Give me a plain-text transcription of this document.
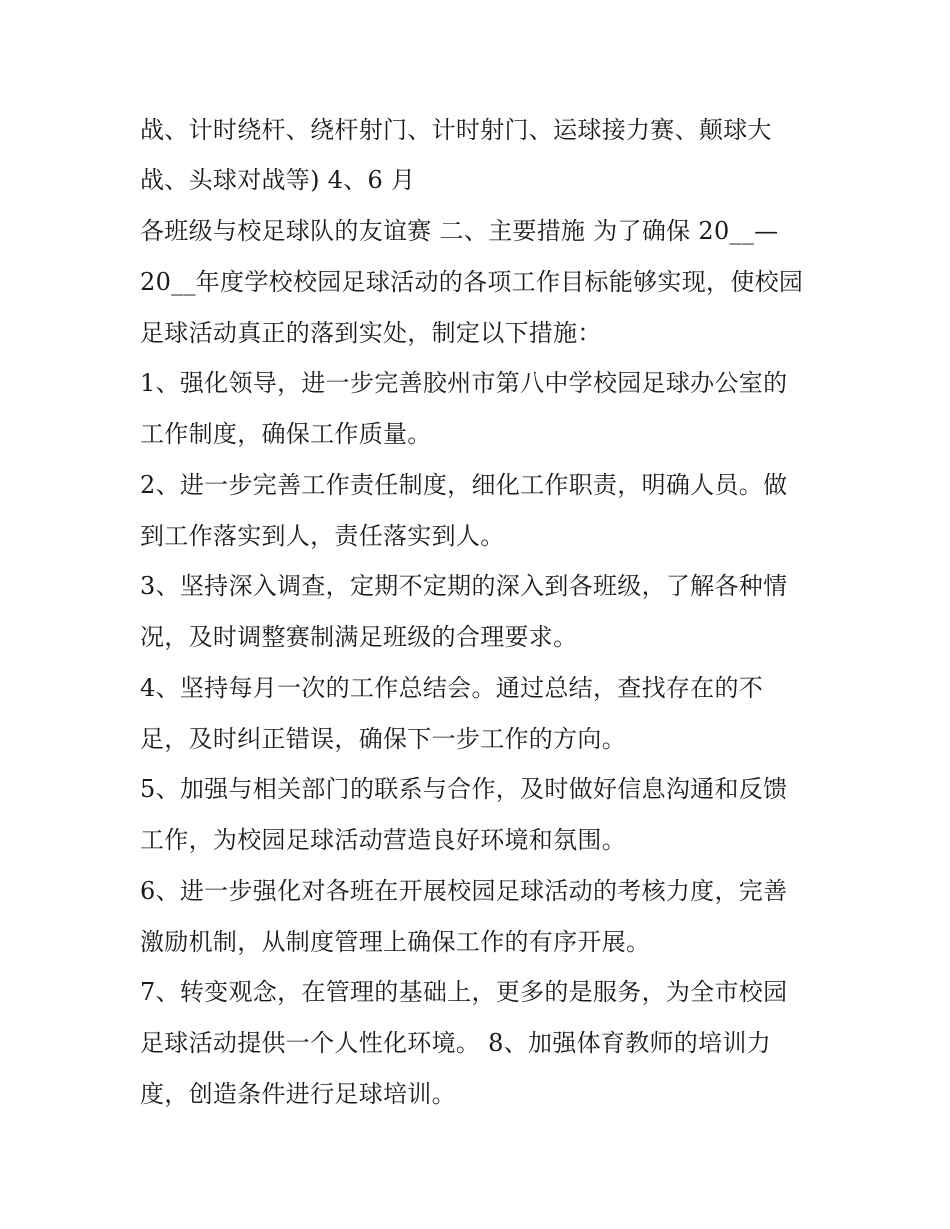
战、计时绕杆、绕杆射门、计时射门、运球接力赛、颠球大
战、头球对战等) 4、6 月
各班级与校足球队的友谊赛 二、主要措施 为了确保 20__—
20__年度学校校园足球活动的各项工作目标能够实现，使校园
足球活动真正的落到实处，制定以下措施：
1、强化领导，进一步完善胶州市第八中学校园足球办公室的
工作制度，确保工作质量。
2、进一步完善工作责任制度，细化工作职责，明确人员。做
到工作落实到人，责任落实到人。
3、坚持深入调查，定期不定期的深入到各班级，了解各种情
况，及时调整赛制满足班级的合理要求。
4、坚持每月一次的工作总结会。通过总结，查找存在的不
足，及时纠正错误，确保下一步工作的方向。
5、加强与相关部门的联系与合作，及时做好信息沟通和反馈
工作，为校园足球活动营造良好环境和氛围。
6、进一步强化对各班在开展校园足球活动的考核力度，完善
激励机制，从制度管理上确保工作的有序开展。
7、转变观念，在管理的基础上，更多的是服务，为全市校园
足球活动提供一个人性化环境。 8、加强体育教师的培训力
度，创造条件进行足球培训。
